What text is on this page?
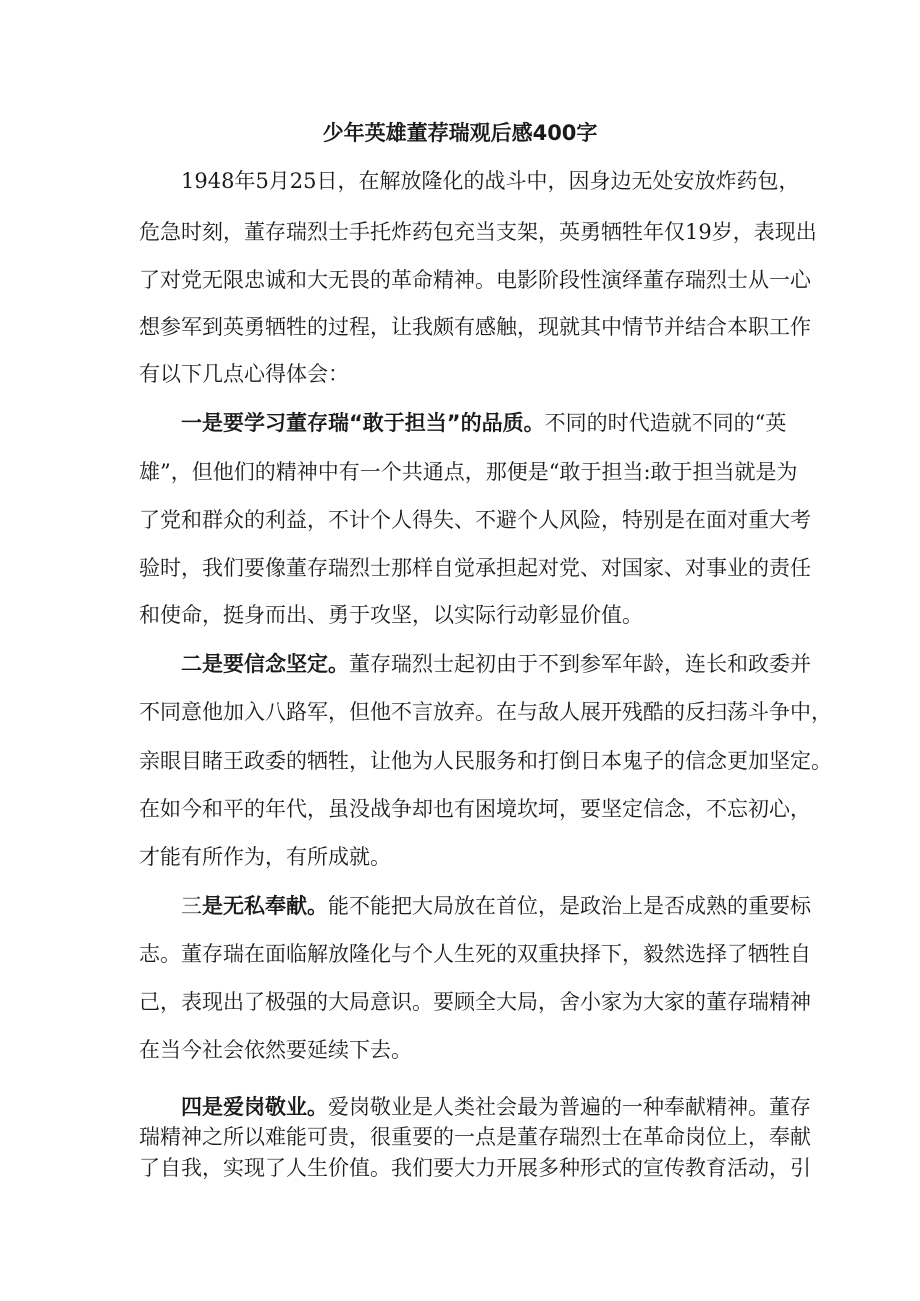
少年英雄董荐瑞观后感400字
1948年5月25日，在解放隆化的战斗中，因身边无处安放炸药包，
危急时刻，董存瑞烈士手托炸药包充当支架，英勇牺牲年仅19岁，表现出
了对党无限忠诚和大无畏的革命精神。电影阶段性演绎董存瑞烈士从一心
想参军到英勇牺牲的过程，让我颇有感触，现就其中情节并结合本职工作
有以下几点心得体会：
一是要学习董存瑞“敢于担当”的品质。不同的时代造就不同的“英
雄”，但他们的精神中有一个共通点，那便是“敢于担当:敢于担当就是为
了党和群众的利益，不计个人得失、不避个人风险，特别是在面对重大考
验时，我们要像董存瑞烈士那样自觉承担起对党、对国家、对事业的责任
和使命，挺身而出、勇于攻坚，以实际行动彰显价值。
二是要信念坚定。董存瑞烈士起初由于不到参军年龄，连长和政委并
不同意他加入八路军，但他不言放弃。在与敌人展开残酷的反扫荡斗争中，
亲眼目睹王政委的牺牲，让他为人民服务和打倒日本鬼子的信念更加坚定。
在如今和平的年代，虽没战争却也有困境坎坷，要坚定信念，不忘初心，
才能有所作为，有所成就。
三是无私奉献。能不能把大局放在首位，是政治上是否成熟的重要标
志。董存瑞在面临解放隆化与个人生死的双重抉择下，毅然选择了牺牲自
己，表现出了极强的大局意识。要顾全大局，舍小家为大家的董存瑞精神
在当今社会依然要延续下去。
四是爱岗敬业。爱岗敬业是人类社会最为普遍的一种奉献精神。董存
瑞精神之所以难能可贵，很重要的一点是董存瑞烈士在革命岗位上，奉献
了自我，实现了人生价值。我们要大力开展多种形式的宣传教育活动，引
